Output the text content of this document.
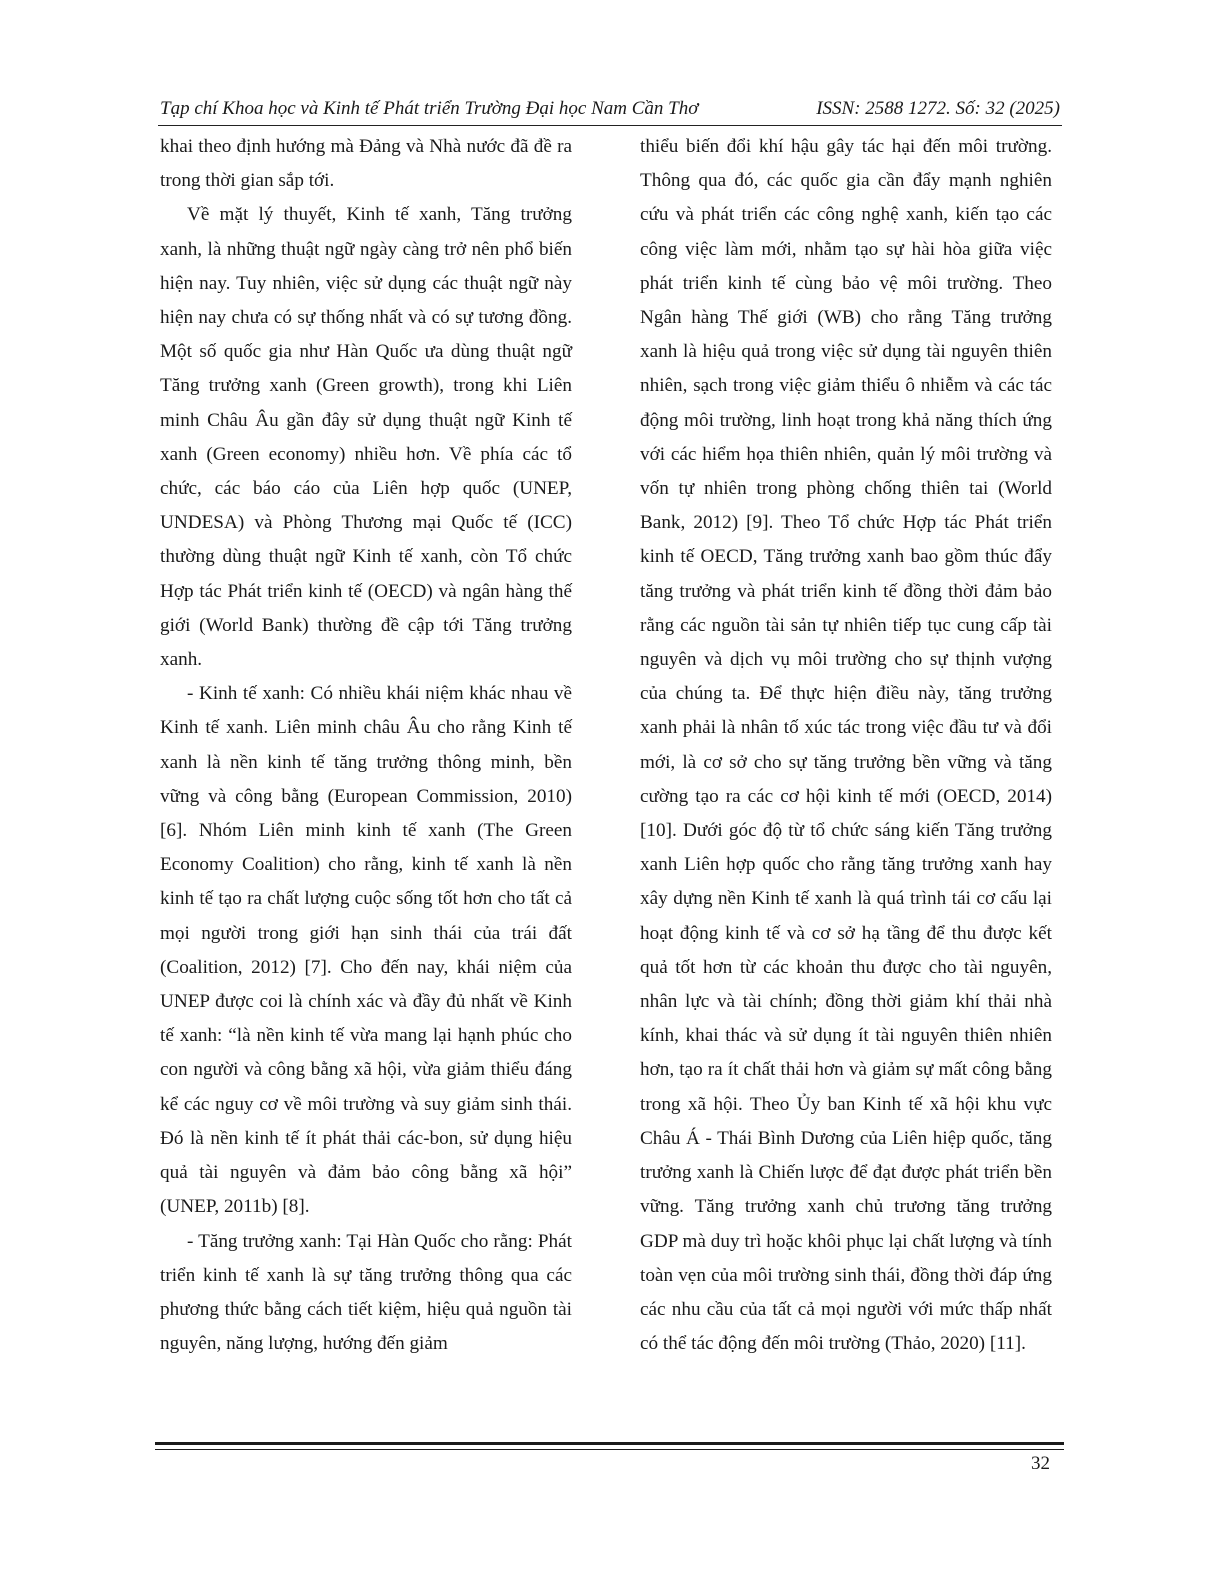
Tạp chí Khoa học và Kinh tế Phát triển Trường Đại học Nam Cần Thơ	ISSN: 2588 1272. Số: 32 (2025)

khai theo định hướng mà Đảng và Nhà nước đã đề ra trong thời gian sắp tới.

Về mặt lý thuyết, Kinh tế xanh, Tăng trưởng xanh, là những thuật ngữ ngày càng trở nên phổ biến hiện nay. Tuy nhiên, việc sử dụng các thuật ngữ này hiện nay chưa có sự thống nhất và có sự tương đồng. Một số quốc gia như Hàn Quốc ưa dùng thuật ngữ Tăng trưởng xanh (Green growth), trong khi Liên minh Châu Âu gần đây sử dụng thuật ngữ Kinh tế xanh (Green economy) nhiều hơn. Về phía các tổ chức, các báo cáo của Liên hợp quốc (UNEP, UNDESA) và Phòng Thương mại Quốc tế (ICC) thường dùng thuật ngữ Kinh tế xanh, còn Tổ chức Hợp tác Phát triển kinh tế (OECD) và ngân hàng thế giới (World Bank) thường đề cập tới Tăng trưởng xanh.

- Kinh tế xanh: Có nhiều khái niệm khác nhau về Kinh tế xanh. Liên minh châu Âu cho rằng Kinh tế xanh là nền kinh tế tăng trưởng thông minh, bền vững và công bằng (European Commission, 2010) [6]. Nhóm Liên minh kinh tế xanh (The Green Economy Coalition) cho rằng, kinh tế xanh là nền kinh tế tạo ra chất lượng cuộc sống tốt hơn cho tất cả mọi người trong giới hạn sinh thái của trái đất (Coalition, 2012) [7]. Cho đến nay, khái niệm của UNEP được coi là chính xác và đầy đủ nhất về Kinh tế xanh: “là nền kinh tế vừa mang lại hạnh phúc cho con người và công bằng xã hội, vừa giảm thiểu đáng kể các nguy cơ về môi trường và suy giảm sinh thái. Đó là nền kinh tế ít phát thải các-bon, sử dụng hiệu quả tài nguyên và đảm bảo công bằng xã hội” (UNEP, 2011b) [8].

- Tăng trưởng xanh: Tại Hàn Quốc cho rằng: Phát triển kinh tế xanh là sự tăng trưởng thông qua các phương thức bằng cách tiết kiệm, hiệu quả nguồn tài nguyên, năng lượng, hướng đến giảm

thiểu biến đổi khí hậu gây tác hại đến môi trường. Thông qua đó, các quốc gia cần đẩy mạnh nghiên cứu và phát triển các công nghệ xanh, kiến tạo các công việc làm mới, nhằm tạo sự hài hòa giữa việc phát triển kinh tế cùng bảo vệ môi trường. Theo Ngân hàng Thế giới (WB) cho rằng Tăng trưởng xanh là hiệu quả trong việc sử dụng tài nguyên thiên nhiên, sạch trong việc giảm thiểu ô nhiễm và các tác động môi trường, linh hoạt trong khả năng thích ứng với các hiểm họa thiên nhiên, quản lý môi trường và vốn tự nhiên trong phòng chống thiên tai (World Bank, 2012) [9]. Theo Tổ chức Hợp tác Phát triển kinh tế OECD, Tăng trưởng xanh bao gồm thúc đẩy tăng trưởng và phát triển kinh tế đồng thời đảm bảo rằng các nguồn tài sản tự nhiên tiếp tục cung cấp tài nguyên và dịch vụ môi trường cho sự thịnh vượng của chúng ta. Để thực hiện điều này, tăng trưởng xanh phải là nhân tố xúc tác trong việc đầu tư và đổi mới, là cơ sở cho sự tăng trưởng bền vững và tăng cường tạo ra các cơ hội kinh tế mới (OECD, 2014) [10]. Dưới góc độ từ tổ chức sáng kiến Tăng trưởng xanh Liên hợp quốc cho rằng tăng trưởng xanh hay xây dựng nền Kinh tế xanh là quá trình tái cơ cấu lại hoạt động kinh tế và cơ sở hạ tầng để thu được kết quả tốt hơn từ các khoản thu được cho tài nguyên, nhân lực và tài chính; đồng thời giảm khí thải nhà kính, khai thác và sử dụng ít tài nguyên thiên nhiên hơn, tạo ra ít chất thải hơn và giảm sự mất công bằng trong xã hội. Theo Ủy ban Kinh tế xã hội khu vực Châu Á - Thái Bình Dương của Liên hiệp quốc, tăng trưởng xanh là Chiến lược để đạt được phát triển bền vững. Tăng trưởng xanh chủ trương tăng trưởng GDP mà duy trì hoặc khôi phục lại chất lượng và tính toàn vẹn của môi trường sinh thái, đồng thời đáp ứng các nhu cầu của tất cả mọi người với mức thấp nhất có thể tác động đến môi trường (Thảo, 2020) [11].

32
